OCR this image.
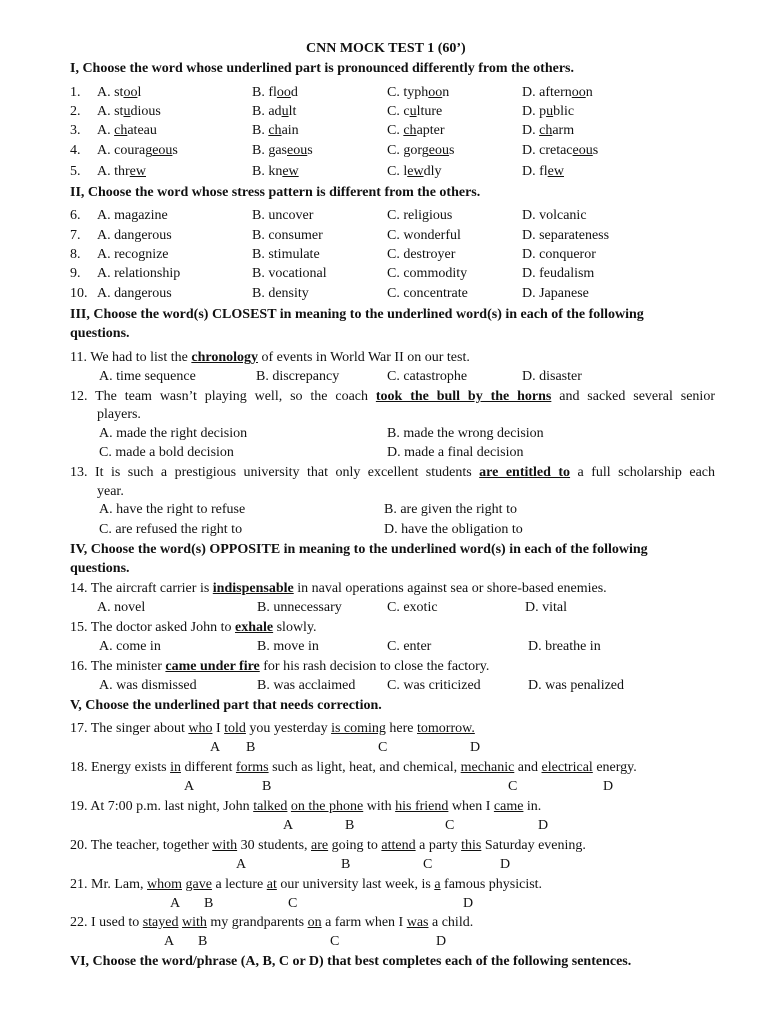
CNN MOCK TEST 1 (60’)
I, Choose the word whose underlined part is pronounced differently from the others.
1. A. stool	B. flood	C. typhoon	D. afternoon
2. A. studious	B. adult	C. culture	D. public
3. A. chateau	B. chain	C. chapter	D. charm
4. A. courageous	B. gaseous	C. gorgeous	D. cretaceous
5. A. threw	B. knew	C. lewdly	D. flew
II, Choose the word whose stress pattern is different from the others.
6. A. magazine	B. uncover	C. religious	D. volcanic
7. A. dangerous	B. consumer	C. wonderful	D. separateness
8. A. recognize	B. stimulate	C. destroyer	D. conqueror
9. A. relationship	B. vocational	C. commodity	D. feudalism
10. A. dangerous	B. density	C. concentrate	D. Japanese
III, Choose the word(s) CLOSEST in meaning to the underlined word(s) in each of the following
questions.
11. We had to list the chronology of events in World War II on our test.
A. time sequence	B. discrepancy	C. catastrophe	D. disaster
12. The team wasn’t playing well, so the coach took the bull by the horns and sacked several senior
players.
A. made the right decision	B. made the wrong decision
C. made a bold decision	D. made a final decision
13. It is such a prestigious university that only excellent students are entitled to a full scholarship each
year.
A. have the right to refuse	B. are given the right to
C. are refused the right to	D. have the obligation to
IV, Choose the word(s) OPPOSITE in meaning to the underlined word(s) in each of the following
questions.
14. The aircraft carrier is indispensable in naval operations against sea or shore-based enemies.
A. novel	B. unnecessary	C. exotic	D. vital
15. The doctor asked John to exhale slowly.
A. come in	B. move in	C. enter	D. breathe in
16. The minister came under fire for his rash decision to close the factory.
A. was dismissed	B. was acclaimed C. was criticized	D. was penalized
V, Choose the underlined part that needs correction.
17. The singer about who I told you yesterday is coming here tomorrow.
A B	C	D
18. Energy exists in different forms such as light, heat, and chemical, mechanic and electrical energy.
A	B	C	D
19. At 7:00 p.m. last night, John talked on the phone with his friend when I came in.
A	B	C	D
20. The teacher, together with 30 students, are going to attend a party this Saturday evening.
A	B	C	D
21. Mr. Lam, whom gave a lecture at our university last week, is a famous physicist.
A B	C	D
22. I used to stayed with my grandparents on a farm when I was a child.
A B	C	D
VI, Choose the word/phrase (A, B, C or D) that best completes each of the following sentences.
